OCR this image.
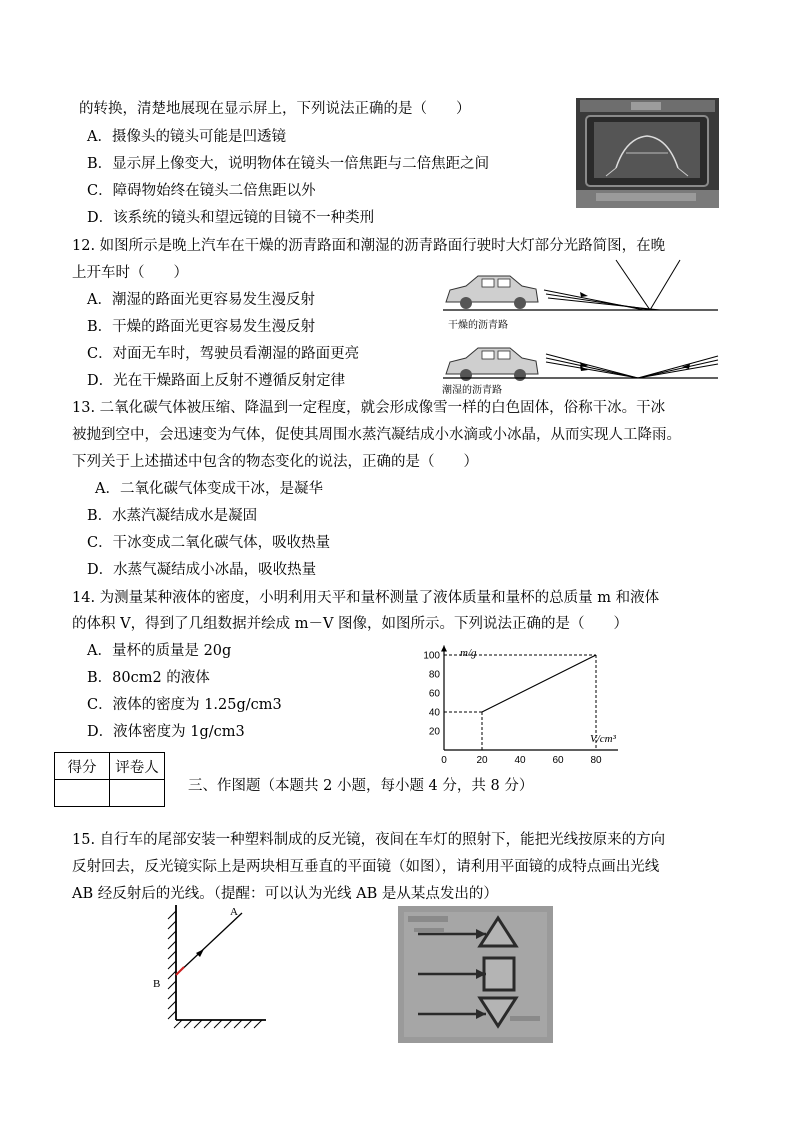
的转换，清楚地展现在显示屏上，下列说法正确的是（　　）
A．摄像头的镜头可能是凹透镜
B．显示屏上像变大，说明物体在镜头一倍焦距与二倍焦距之间
C．障碍物始终在镜头二倍焦距以外
D．该系统的镜头和望远镜的目镜不一种类刑
12. 如图所示是晚上汽车在干燥的沥青路面和潮湿的沥青路面行驶时大灯部分光路简图，在晚
上开车时（　　）
A．潮湿的路面光更容易发生漫反射
B．干燥的路面光更容易发生漫反射
C．对面无车时，驾驶员看潮湿的路面更亮
D．光在干燥路面上反射不遵循反射定律
干燥的沥青路
潮湿的沥青路
13. 二氧化碳气体被压缩、降温到一定程度，就会形成像雪一样的白色固体，俗称干冰。干冰
被抛到空中，会迅速变为气体，促使其周围水蒸汽凝结成小水滴或小冰晶，从而实现人工降雨。
下列关于上述描述中包含的物态变化的说法，正确的是（　　）
A．二氧化碳气体变成干冰，是凝华
B．水蒸汽凝结成水是凝固
C．干冰变成二氧化碳气体，吸收热量
D．水蒸气凝结成小冰晶，吸收热量
14. 为测量某种液体的密度，小明利用天平和量杯测量了液体质量和量杯的总质量 m 和液体
的体积 V，得到了几组数据并绘成 m－V 图像，如图所示。下列说法正确的是（　　）
A．量杯的质量是 20g
B．80cm2 的液体
C．液体的密度为 1.25g/cm3
D．液体密度为 1g/cm3
0	20	40	60	80
20
40
60
80
100 m/g
V/cm³
得分	评卷人

三、作图题（本题共 2 小题，每小题 4 分，共 8 分）
15. 自行车的尾部安装一种塑料制成的反光镜，夜间在车灯的照射下，能把光线按原来的方向
反射回去，反光镜实际上是两块相互垂直的平面镜（如图），请利用平面镜的成特点画出光线
AB 经反射后的光线。（提醒：可以认为光线 AB 是从某点发出的）
A
B
